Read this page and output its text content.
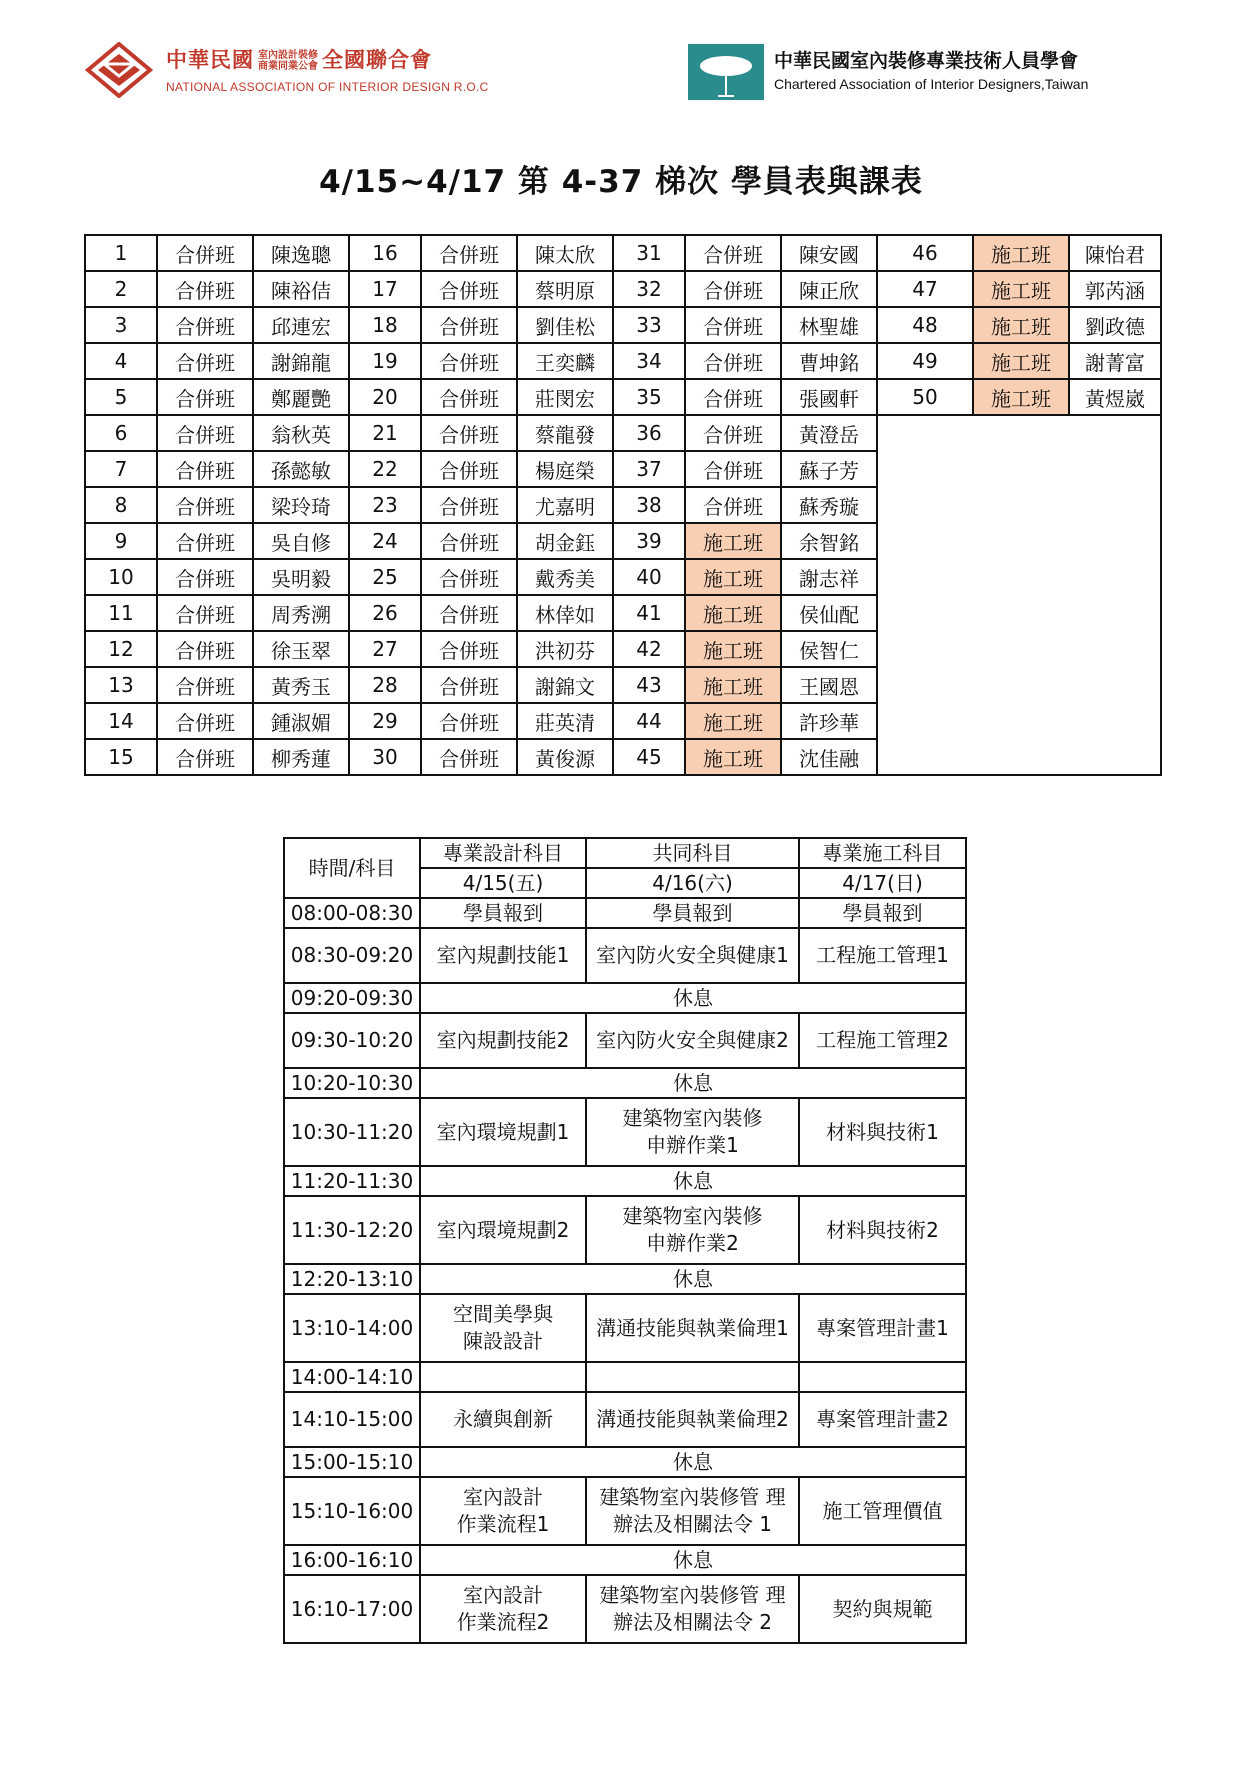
中華民國 室內設計裝修
商業同業公會 全國聯合會
NATIONAL ASSOCIATION OF INTERIOR DESIGN R.O.C
中華民國室內裝修專業技術人員學會
Chartered Association of Interior Designers,Taiwan
4/15~4/17 第 4-37 梯次 學員表與課表
1	合併班	陳逸聰	16	合併班	陳太欣	31	合併班	陳安國	46	施工班	陳怡君
2	合併班	陳裕佶	17	合併班	蔡明原	32	合併班	陳正欣	47	施工班	郭芮涵
3	合併班	邱連宏	18	合併班	劉佳松	33	合併班	林聖雄	48	施工班	劉政德
4	合併班	謝錦龍	19	合併班	王奕麟	34	合併班	曹坤銘	49	施工班	謝菁富
5	合併班	鄭麗艷	20	合併班	莊閔宏	35	合併班	張國軒	50	施工班	黃煜崴
6	合併班	翁秋英	21	合併班	蔡龍發	36	合併班	黃澄岳			
7	合併班	孫懿敏	22	合併班	楊庭榮	37	合併班	蘇子芳			
8	合併班	梁玲琦	23	合併班	尤嘉明	38	合併班	蘇秀璇			
9	合併班	吳自修	24	合併班	胡金鈺	39	施工班	余智銘			
10	合併班	吳明毅	25	合併班	戴秀美	40	施工班	謝志祥			
11	合併班	周秀溯	26	合併班	林倖如	41	施工班	侯仙配			
12	合併班	徐玉翠	27	合併班	洪初芬	42	施工班	侯智仁			
13	合併班	黃秀玉	28	合併班	謝錦文	43	施工班	王國恩			
14	合併班	鍾淑媚	29	合併班	莊英清	44	施工班	許珍華			
15	合併班	柳秀蓮	30	合併班	黃俊源	45	施工班	沈佳融			
時間/科目	專業設計科目	共同科目	專業施工科目
	4/15(五)	4/16(六)	4/17(日)
08:00-08:30	學員報到	學員報到	學員報到
08:30-09:20	室內規劃技能1	室內防火安全與健康1	工程施工管理1
09:20-09:30	休息		
09:30-10:20	室內規劃技能2	室內防火安全與健康2	工程施工管理2
10:20-10:30	休息		
10:30-11:20	室內環境規劃1	建築物室內裝修
申辦作業1	材料與技術1
11:20-11:30	休息		
11:30-12:20	室內環境規劃2	建築物室內裝修
申辦作業2	材料與技術2
12:20-13:10	休息		
13:10-14:00	空間美學與
陳設設計	溝通技能與執業倫理1	專案管理計畫1
14:00-14:10			
14:10-15:00	永續與創新	溝通技能與執業倫理2	專案管理計畫2
15:00-15:10	休息		
15:10-16:00	室內設計
作業流程1	建築物室內裝修管 理
辦法及相關法令 1	施工管理價值
16:00-16:10	休息		
16:10-17:00	室內設計
作業流程2	建築物室內裝修管 理
辦法及相關法令 2	契約與規範
